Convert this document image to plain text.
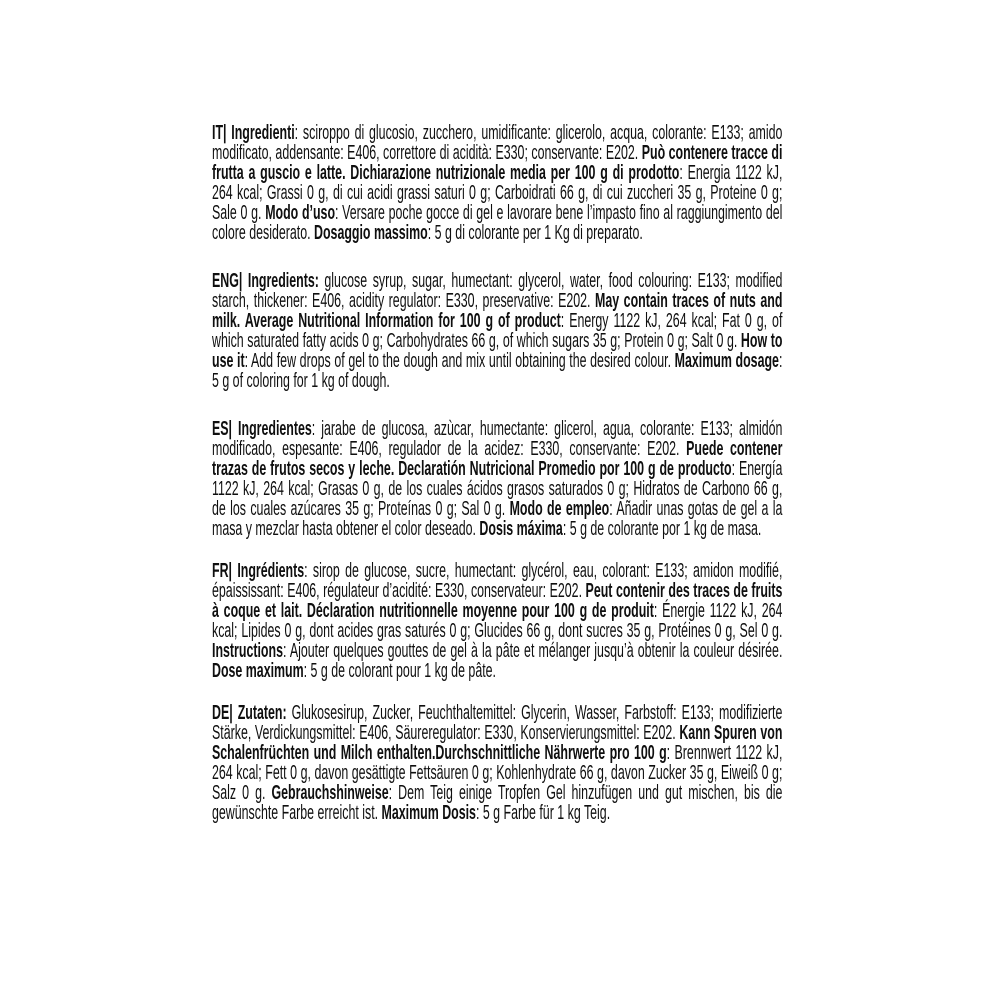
IT| Ingredienti: sciroppo di glucosio, zucchero, umidificante: glicerolo, acqua, colorante: E133; amido modificato, addensante: E406, correttore di acidità: E330; conservante: E202. Può contenere tracce di frutta a guscio e latte. Dichiarazione nutrizionale media per 100 g di prodotto: Energia 1122 kJ, 264 kcal; Grassi 0 g, di cui acidi grassi saturi 0 g; Carboidrati 66 g, di cui zuccheri 35 g, Proteine 0 g; Sale 0 g. Modo d’uso: Versare poche gocce di gel e lavorare bene l’impasto fino al raggiungimento del colore desiderato. Dosaggio massimo: 5 g di colorante per 1 Kg di preparato.

ENG| Ingredients: glucose syrup, sugar, humectant: glycerol, water, food colouring: E133; modified starch, thickener: E406, acidity regulator: E330, preservative: E202. May contain traces of nuts and milk. Average Nutritional Information for 100 g of product: Energy 1122 kJ, 264 kcal; Fat 0 g, of which saturated fatty acids 0 g; Carbohydrates 66 g, of which sugars 35 g; Protein 0 g; Salt 0 g. How to use it: Add few drops of gel to the dough and mix until obtaining the desired colour. Maximum dosage: 5 g of coloring for 1 kg of dough.

ES| Ingredientes: jarabe de glucosa, azùcar, humectante: glicerol, agua, colorante: E133; almidón modificado, espesante: E406, regulador de la acidez: E330, conservante: E202. Puede contener trazas de frutos secos y leche. Declaratión Nutricional Promedio por 100 g de producto: Energía 1122 kJ, 264 kcal; Grasas 0 g, de los cuales ácidos grasos saturados 0 g; Hidratos de Carbono 66 g, de los cuales azúcares 35 g; Proteínas 0 g; Sal 0 g. Modo de empleo: Añadir unas gotas de gel a la masa y mezclar hasta obtener el color deseado. Dosis máxima: 5 g de colorante por 1 kg de masa.

FR| Ingrédients: sirop de glucose, sucre, humectant: glycérol, eau, colorant: E133; amidon modifié, épaississant: E406, régulateur d’acidité: E330, conservateur: E202. Peut contenir des traces de fruits à coque et lait. Déclaration nutritionnelle moyenne pour 100 g de produit: Énergie 1122 kJ, 264 kcal; Lipides 0 g, dont acides gras saturés 0 g; Glucides 66 g, dont sucres 35 g, Protéines 0 g, Sel 0 g. Instructions: Ajouter quelques gouttes de gel à la pâte et mélanger jusqu’à obtenir la couleur désirée. Dose maximum: 5 g de colorant pour 1 kg de pâte.

DE| Zutaten: Glukosesirup, Zucker, Feuchthaltemittel: Glycerin, Wasser, Farbstoff: E133; modifizierte Stärke, Verdickungsmittel: E406, Säureregulator: E330, Konservierungsmittel: E202. Kann Spuren von Schalenfrüchten und Milch enthalten.Durchschnittliche Nährwerte pro 100 g: Brennwert 1122 kJ, 264 kcal; Fett 0 g, davon gesättigte Fettsäuren 0 g; Kohlenhydrate 66 g, davon Zucker 35 g, Eiweiß 0 g; Salz 0 g. Gebrauchshinweise: Dem Teig einige Tropfen Gel hinzufügen und gut mischen, bis die gewünschte Farbe erreicht ist. Maximum Dosis: 5 g Farbe für 1 kg Teig.
